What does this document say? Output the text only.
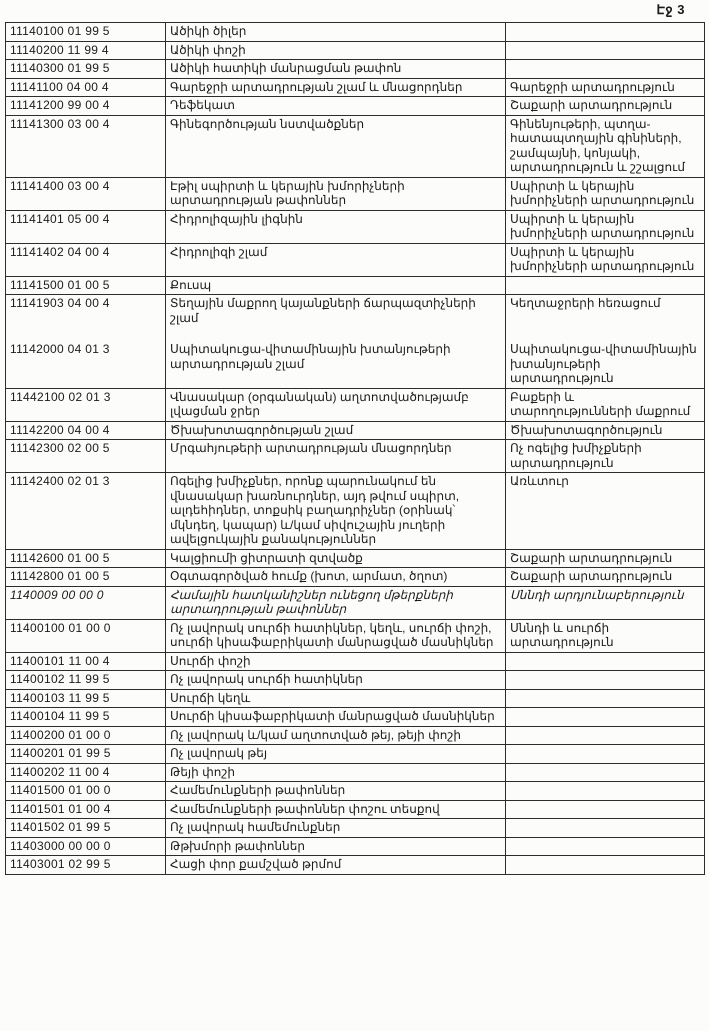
Էջ 3
11140100 01 99 5	Ածիկի ծիլեր	
11140200 11 99 4	Ածիկի փոշի	
11140300 01 99 5	Ածիկի հատիկի մանրացման թափոն	
11141100 04 00 4	Գարեջրի արտադրության շլամ և մնացորդներ	Գարեջրի արտադրություն
11141200 99 00 4	Դեֆեկատ	Շաքարի արտադրություն
11141300 03 00 4	Գինեգործության նստվածքներ	Գինենյութերի, պտղա-հատապտղային գինիների, շամպայնի, կոնյակի, արտադրություն և շշալցում
11141400 03 00 4	Էթիլ սպիրտի և կերային խմորիչների արտադրության թափոններ	Սպիրտի և կերային խմորիչների արտադրություն
11141401 05 00 4	Հիդրոլիզային լիգնին	Սպիրտի և կերային խմորիչների արտադրություն
11141402 04 00 4	Հիդրոլիզի շլամ	Սպիրտի և կերային խմորիչների արտադրություն
11141500 01 00 5	Քուսպ	
11141903 04 00 4	Տեղային մաքրող կայանքների ճարպազտիչների շլամ	Կեղտաջրերի հեռացում
11142000 04 01 3	Սպիտակուցա-վիտամինային խտանյութերի արտադրության շլամ	Սպիտակուցա-վիտամինային խտանյութերի արտադրություն
11442100 02 01 3	Վնասակար (օրգանական) աղտոտվածությամբ լվացման ջրեր	Բաքերի և տարողությունների մաքրում
11142200 04 00 4	Ծխախոտագործության շլամ	Ծխախոտագործություն
11142300 02 00 5	Մրգահյութերի արտադրության մնացորդներ	Ոչ ոգելից խմիչքների արտադրություն
11142400 02 01 3	Ոգելից խմիչքներ, որոնք պարունակում են վնասակար խառնուրդներ, այդ թվում սպիրտ, ալդեհիդներ, տոքսիկ բաղադրիչներ (օրինակ՝ մկնդեղ, կապար) և/կամ սիվուշային յուղերի ավելցուկային քանակություններ	Առևտուր
11142600 01 00 5	Կալցիումի ցիտրատի զտվածք	Շաքարի արտադրություն
11142800 01 00 5	Օգտագործված հումք (խոտ, արմատ, ծղոտ)	Շաքարի արտադրություն
1140009 00 00 0	Համային հատկանիշներ ունեցող մթերքների արտադրության թափոններ	Սննդի արդյունաբերություն
11400100 01 00 0	Ոչ լավորակ սուրճի հատիկներ, կեղև, սուրճի փոշի, սուրճի կիսաֆաբրիկատի մանրացված մասնիկներ	Սննդի և սուրճի արտադրություն
11400101 11 00 4	Սուրճի փոշի	
11400102 11 99 5	Ոչ լավորակ սուրճի հատիկներ	
11400103 11 99 5	Սուրճի կեղև	
11400104 11 99 5	Սուրճի կիսաֆաբրիկատի մանրացված մասնիկներ	
11400200 01 00 0	Ոչ լավորակ և/կամ աղտոտված թեյ, թեյի փոշի	
11400201 01 99 5	Ոչ լավորակ թեյ	
11400202 11 00 4	Թեյի փոշի	
11401500 01 00 0	Համեմունքների թափոններ	
11401501 01 00 4	Համեմունքների թափոններ փոշու տեսքով	
11401502 01 99 5	Ոչ լավորակ համեմունքներ	
11403000 00 00 0	Թթխմորի թափոններ	
11403001 02 99 5	Հացի փոր քամշված թրմոմ	
